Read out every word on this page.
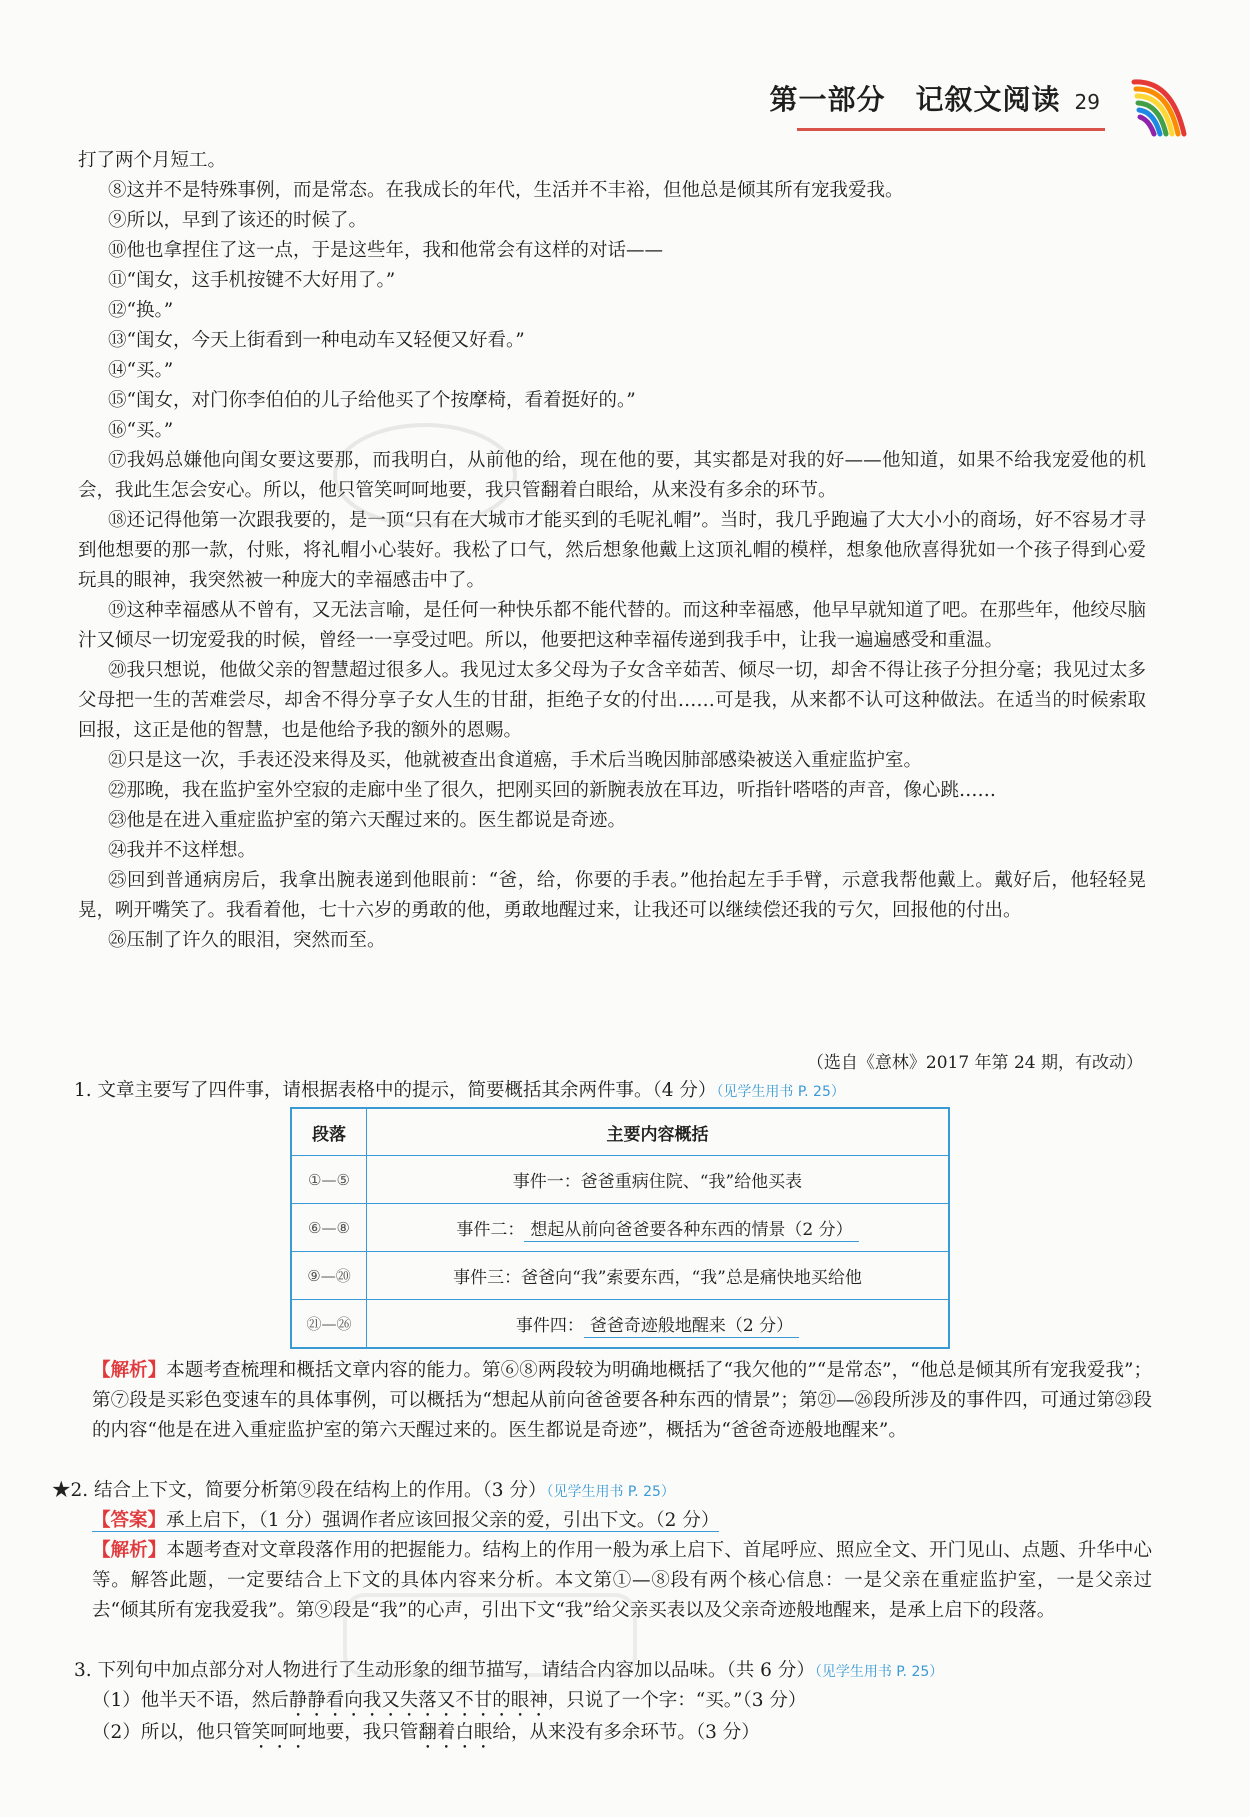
第一部分 记叙文阅读 29

打了两个月短工。

⑧这并不是特殊事例，而是常态。在我成长的年代，生活并不丰裕，但他总是倾其所有宠我爱我。

⑨所以，早到了该还的时候了。

⑩他也拿捏住了这一点，于是这些年，我和他常会有这样的对话——

⑪“闺女，这手机按键不大好用了。”

⑫“换。”

⑬“闺女，今天上街看到一种电动车又轻便又好看。”

⑭“买。”

⑮“闺女，对门你李伯伯的儿子给他买了个按摩椅，看着挺好的。”

⑯“买。”

⑰我妈总嫌他向闺女要这要那，而我明白，从前他的给，现在他的要，其实都是对我的好——他知道，如果不给我宠爱他的机会，我此生怎会安心。所以，他只管笑呵呵地要，我只管翻着白眼给，从来没有多余的环节。

⑱还记得他第一次跟我要的，是一顶“只有在大城市才能买到的毛呢礼帽”。当时，我几乎跑遍了大大小小的商场，好不容易才寻到他想要的那一款，付账，将礼帽小心装好。我松了口气，然后想象他戴上这顶礼帽的模样，想象他欣喜得犹如一个孩子得到心爱玩具的眼神，我突然被一种庞大的幸福感击中了。

⑲这种幸福感从不曾有，又无法言喻，是任何一种快乐都不能代替的。而这种幸福感，他早早就知道了吧。在那些年，他绞尽脑汁又倾尽一切宠爱我的时候，曾经一一享受过吧。所以，他要把这种幸福传递到我手中，让我一遍遍感受和重温。

⑳我只想说，他做父亲的智慧超过很多人。我见过太多父母为子女含辛茹苦、倾尽一切，却舍不得让孩子分担分毫；我见过太多父母把一生的苦难尝尽，却舍不得分享子女人生的甘甜，拒绝子女的付出……可是我，从来都不认可这种做法。在适当的时候索取回报，这正是他的智慧，也是他给予我的额外的恩赐。

㉑只是这一次，手表还没来得及买，他就被查出食道癌，手术后当晚因肺部感染被送入重症监护室。

㉒那晚，我在监护室外空寂的走廊中坐了很久，把刚买回的新腕表放在耳边，听指针嗒嗒的声音，像心跳……

㉓他是在进入重症监护室的第六天醒过来的。医生都说是奇迹。

㉔我并不这样想。

㉕回到普通病房后，我拿出腕表递到他眼前：“爸，给，你要的手表。”他抬起左手手臂，示意我帮他戴上。戴好后，他轻轻晃晃，咧开嘴笑了。我看着他，七十六岁的勇敢的他，勇敢地醒过来，让我还可以继续偿还我的亏欠，回报他的付出。

㉖压制了许久的眼泪，突然而至。

（选自《意林》2017 年第 24 期，有改动）
1. 文章主要写了四件事，请根据表格中的提示，简要概括其余两件事。（4 分）（见学生用书 P. 25）
段落	主要内容概括
①—⑤	事件一：爸爸重病住院、“我”给他买表
⑥—⑧	事件二： 想起从前向爸爸要各种东西的情景（2 分）
⑨—⑳	事件三：爸爸向“我”索要东西，“我”总是痛快地买给他
㉑—㉖	事件四： 爸爸奇迹般地醒来（2 分）

【解析】本题考查梳理和概括文章内容的能力。第⑥⑧两段较为明确地概括了“我欠他的”“是常态”，“他总是倾其所有宠我爱我”；第⑦段是买彩色变速车的具体事例，可以概括为“想起从前向爸爸要各种东西的情景”；第㉑—㉖段所涉及的事件四，可通过第㉓段的内容“他是在进入重症监护室的第六天醒过来的。医生都说是奇迹”，概括为“爸爸奇迹般地醒来”。

★2. 结合上下文，简要分析第⑨段在结构上的作用。（3 分）（见学生用书 P. 25）
【答案】承上启下，（1 分）强调作者应该回报父亲的爱，引出下文。（2 分）

【解析】本题考查对文章段落作用的把握能力。结构上的作用一般为承上启下、首尾呼应、照应全文、开门见山、点题、升华中心等。解答此题，一定要结合上下文的具体内容来分析。本文第①—⑧段有两个核心信息：一是父亲在重症监护室，一是父亲过去“倾其所有宠我爱我”。第⑨段是“我”的心声，引出下文“我”给父亲买表以及父亲奇迹般地醒来，是承上启下的段落。

3. 下列句中加点部分对人物进行了生动形象的细节描写，请结合内容加以品味。（共 6 分）（见学生用书 P. 25）
（1）他半天不语，然后静静看向我又失落又不甘的眼神，只说了一个字：“买。”（3 分）
（2）所以，他只管笑呵呵地要，我只管翻着白眼给，从来没有多余环节。（3 分）
